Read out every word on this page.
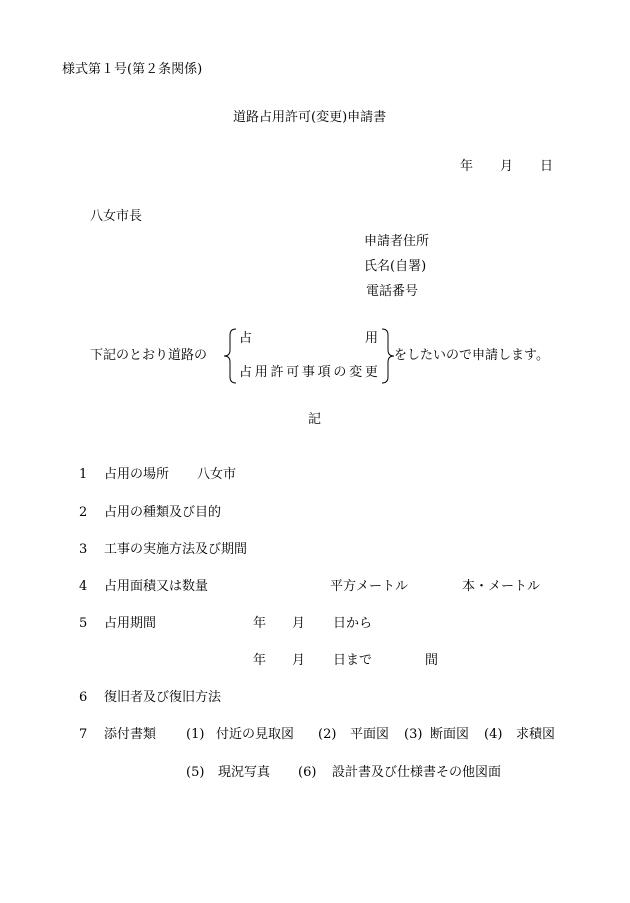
様式第１号(第２条関係)
道路占用許可(変更)申請書
年 月 日
八女市長
申請者住所
氏名(自署)
電話番号
下記のとおり道路の
占	用
占 用 許 可 事 項 の 変 更
をしたいので申請します。
記
1 占用の場所 八女市
2 占用の種類及び目的
3 工事の実施方法及び期間
4 占用面積又は数量	平方メートル	本・メートル
5 占用期間	年 月 日から
年 月 日まで	間
6 復旧者及び復旧方法
7 添付書類 (1) 付近の見取図 (2) 平面図 (3) 断面図 (4) 求積図
(5) 現況写真 (6) 設計書及び仕様書その他図面
